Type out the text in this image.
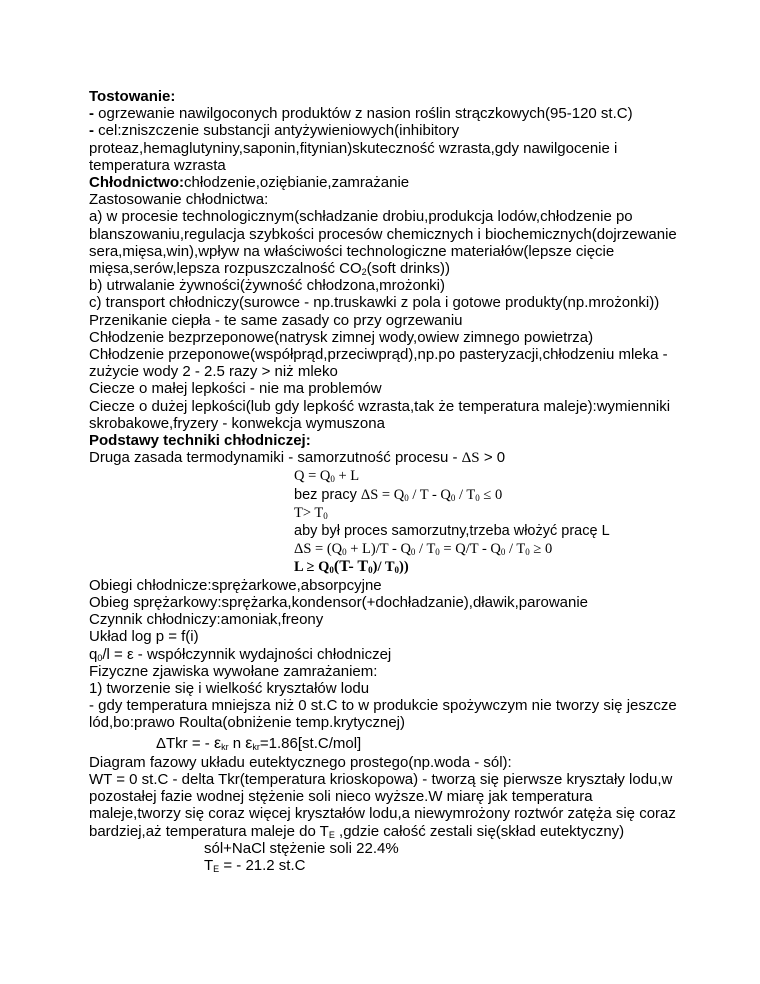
Tostowanie:

- ogrzewanie nawilgoconych produktów z nasion roślin strączkowych(95-120 st.C)

- cel:zniszczenie substancji antyżywieniowych(inhibitory

proteaz,hemaglutyniny,saponin,fitynian)skuteczność wzrasta,gdy nawilgocenie i

temperatura wzrasta

Chłodnictwo:chłodzenie,oziębianie,zamrażanie

Zastosowanie chłodnictwa:

a) w procesie technologicznym(schładzanie drobiu,produkcja lodów,chłodzenie po

blanszowaniu,regulacja szybkości procesów chemicznych i biochemicznych(dojrzewanie

sera,mięsa,win),wpływ na właściwości technologiczne materiałów(lepsze cięcie

mięsa,serów,lepsza rozpuszczalność $CO_2(soft$ drinks))

b) utrwalanie żywności(żywność chłodzona,mrożonki)

c) transport chłodniczy(surowce - np.truskawki z pola i gotowe produkty(np.mrożonki))

Przenikanie ciepła - te same zasady co przy ogrzewaniu

Chłodzenie bezprzeponowe(natrysk zimnej wody,owiew zimnego powietrza)

Chłodzenie przeponowe(współprąd,przeciwprąd),np.po pasteryzacji,chłodzeniu mleka -

zużycie wody 2 - 2.5 razy > niż mleko

Ciecze o małej lepkości - nie ma problemów

Ciecze o dużej lepkości(lub gdy lepkość wzrasta,tak że temperatura maleje):wymienniki

skrobakowe,fryzery - konwekcja wymuszona

Podstawy techniki chłodniczej:

Druga zasada termodynamiki - samorzutność procesu - ΔS > 0

$Q = Q_0 + L$

bez pracy $\Delta S = Q_0 / T - Q_0 / T_0 \le 0$

$T> T_0$

aby był proces samorzutny,trzeba włożyć pracę L

$\Delta S = (Q_0 + L)/T - Q_0 / T_0 = Q/T - Q_0 / T_0 \ge 0$

$L \ge Q_0(T-$ $T_0)/$ $T_0$))

Obiegi chłodnicze:sprężarkowe,absorpcyjne

Obieg sprężarkowy:sprężarka,kondensor(+dochładzanie),dławik,parowanie

Czynnik chłodniczy:amoniak,freony

Układ log p = f(i)

$q_0/l = \varepsilon$ - współczynnik wydajności chłodniczej

Fizyczne zjawiska wywołane zamrażaniem:

1) tworzenie się i wielkość kryształów lodu

- gdy temperatura mniejsza niż 0 st.C to w produkcie spożywczym nie tworzy się jeszcze

lód,bo:prawo Roulta(obniżenie temp.krytycznej)

ΔTkr = - $\varepsilon_{kr}$ n $\varepsilon_{kr}=1.86[st.C/mol]$

Diagram fazowy układu eutektycznego prostego(np.woda - sól):

WT = 0 st.C - delta Tkr(temperatura krioskopowa) - tworzą się pierwsze kryształy lodu,w

pozostałej fazie wodnej stężenie soli nieco wyższe.W miarę jak temperatura

maleje,tworzy się coraz więcej kryształów lodu,a niewymrożony roztwór zatęża się coraz

bardziej,aż temperatura maleje do $T_E$ ,gdzie całość zestali się(skład eutektyczny)

sól+NaCl stężenie soli 22.4%

$T_E$ = - 21.2 st.C
